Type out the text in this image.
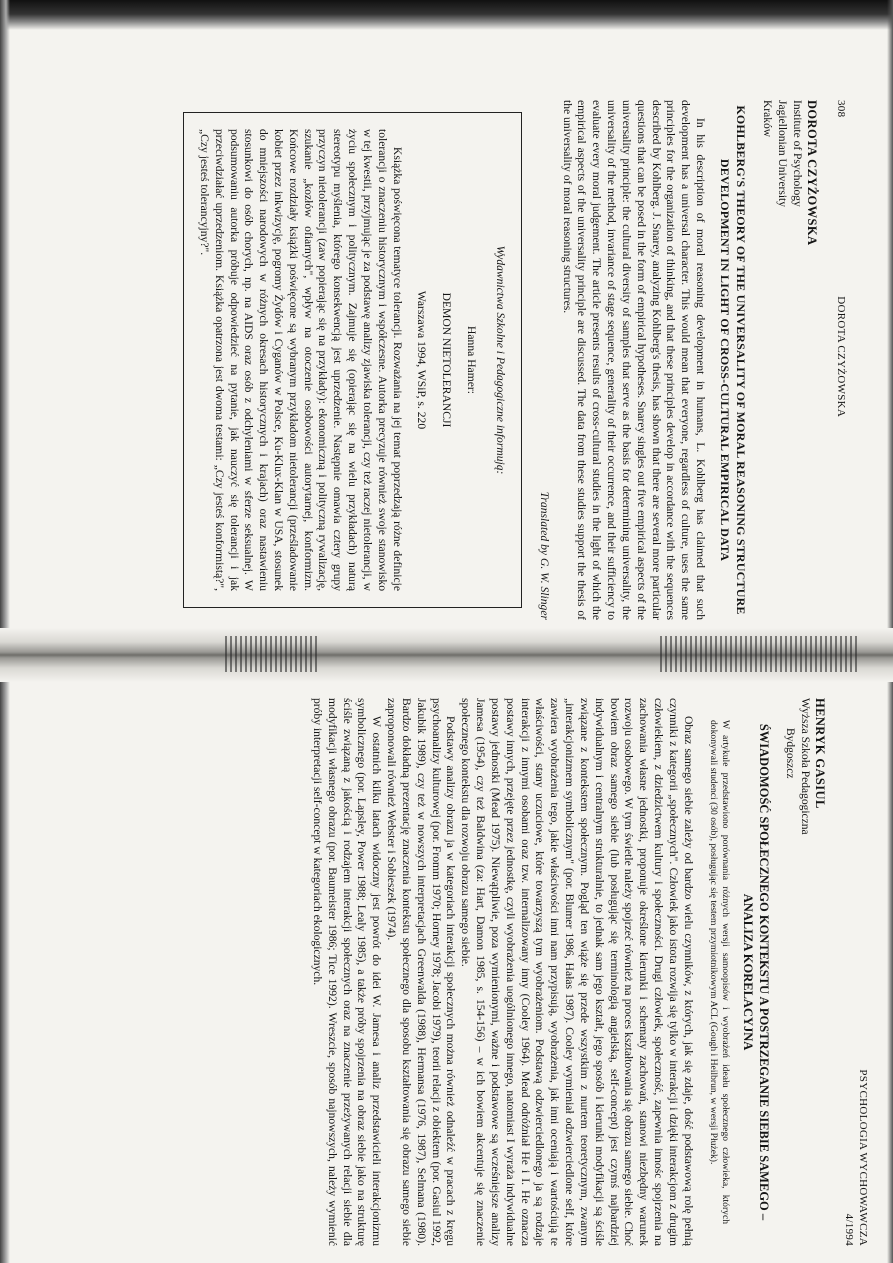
308
DOROTA CZYŻOWSKA

DOROTA CZYŻOWSKA

Institute of Psychology

Jagiellonian University

Kraków

KOHLBERG'S THEORY OF THE UNIVERSALITY OF MORAL REASONING STRUCTURE DEVELOPMENT IN LIGHT OF CROSS-CULTURAL EMPIRICAL DATA

In his description of moral reasoning development in humans, L. Kohlberg has claimed that such development has a universal character. This would mean that everyone, regardless of culture, uses the same principles for the organization of thinking, and that these principles develop in accordance with the sequences described by Kohlberg. J. Snarey, analyzing Kohlberg's thesis, has shown that there are several more particular questions that can be posed in the form of empirical hypotheses. Snarey singles out five empirical aspects of the universality principle: the cultural diversity of samples that serve as the basis for determining universality, the universality of the method, invariance of stage sequence, generality of their occurrence, and their sufficiency to evaluate every moral judgement. The article presents results of cross-cultural studies in the light of which the empirical aspects of the universality principle are discussed. The data from these studies support the thesis of the universality of moral reasoning structures.

Translated by G. W. Slinger

Wydawnictwa Szkolne i Pedagogiczne informują:

Hanna Hamer:

DEMON NIETOLERANCJI

Warszawa 1994, WSiP, s. 220

Książka poświęcona tematyce tolerancji. Rozważania na jej temat poprzedzają różne definicje tolerancji o znaczeniu historycznym i współczesne. Autorka precyzuje również swoje stanowisko w tej kwestii, przyjmując je za podstawę analizy zjawiska tolerancji, czy też raczej nietolerancji, w życiu społecznym i politycznym. Zajmuje się (opierając się na wielu przykładach) naturą stereotypu myślenia, którego konsekwencją jest uprzedzenie. Następnie omawia cztery grupy przyczyn nietolerancji (zaw popierając się na przykłady): ekonomiczną i polityczną rywalizację, szukanie „kozłów ofiarnych", wpływ na otoczenie osobowości autorytarnej, konformizm. Końcowe rozdziały książki poświęcone są wybranym przykładom nietolerancji (prześladowanie kobiet przez inkwizycję, pogromy Żydów i Cyganów w Polsce, Ku-Klux-Klan w USA, stosunek do mniejszości narodowych w różnych okresach historycznych i krajach) oraz nastawieniu stosunkowi do osób chorych, np. na AIDS oraz osób z odchyleniami w sferze seksualnej. W podsumowaniu autorka próbuje odpowiedzieć na pytanie, jak nauczyć się tolerancji i jak przeciwdziałać uprzedzeniom. Książka opatrzona jest dwoma testami: „Czy jesteś konformistą?", „Czy jesteś tolerancyjny?".

PSYCHOLOGIA WYCHOWAWCZA
4/1994

HENRYK GASIUL

Wyższa Szkoła Pedagogiczna

Bydgoszcz

ŚWIADOMOŚĆ SPOŁECZNEGO KONTEKSTU A POSTRZEGANIE SIEBIE SAMEGO – ANALIZA KORELACYJNA

W artykule przedstawiono porównania różnych wersji samoopisów i wyobrażeń ideału społecznego człowieka, których dokonywali studenci (30 osób), posługując się testem przymiotnikowym ACL (Gough i Heilbrun, w wersji Płużek).

Obraz samego siebie zależy od bardzo wielu czynników, z których, jak się zdaje, dość podstawową rolę pełnią czynniki z kategorii „społecznych". Człowiek jako istota rozwija się tylko w interakcji i dzięki interakcjom z drugim człowiekiem, z dziedzictwem kultury i społeczności. Drugi człowiek, społeczność, zapewnia innośc spojrzenia na zachowania własne jednostki, proponuje określone kierunki i schematy zachowań, stanowi niezbędny warunek rozwoju osobowego. W tym świetle należy spojrzeć również na proces kształtowania się obrazu samego siebie. Choć bowiem obraz samego siebie (lub posługując się terminologią angielską, self-concept) jest czymś najbardziej indywidualnym i centralnym strukturalnie, to jednak sam jego kształt, jego sposób i kierunki modyfikacji są ściśle związane z kontekstem społecznym. Pogląd ten wiąże się przede wszystkim z nurtem teoretycznym, zwanym „interakcjonizmem symbolicznym" (por. Blumer 1986, Hałas 1987). Cooley wymieniał odzwierciedlone self, które zawiera wyobrażenia tego, jakie właściwości inni nam przypisują, wyobrażenia, jak inni oceniają i wartościują te właściwości, stany uczuciowe, które towarzyszą tym wyobrażeniom. Podstawą odzwierciedlonego ja są rodzaje interakcji z innymi osobami oraz tzw. internalizowany inny (Cooley 1964). Mead odróżniał He i I. He oznacza postawy innych, przejęte przez jednostkę, czyli wyobrażenia uogólnionego innego, natomiast I wyraża indywidualne postawy jednostki (Mead 1975). Niewątpliwie, poza wymienionymi, ważne i podstawowe są wcześniejsze analizy Jamesa (1954), czy też Baldwina (za: Hart, Damon 1985, s. 154-156) – w ich bowiem akcentuje się znaczenie społecznego kontekstu dla rozwoju obrazu samego siebie.

Podstawy analizy obrazu ja w kategoriach interakcji społecznych można również odnaleźć w pracach z kręgu psychoanalizy kulturowej (por. Fromm 1970; Horney 1978; Jacobi 1979), teorii relacji z obiektem (por. Gasiul 1992, Jakubik 1989), czy też w nowszych interpretacjach Greenwalda (1988), Hermansa (1976, 1987), Selmana (1980). Bardzo dokładną prezentację znaczenia kontekstu społecznego dla sposobu kształtowania się obrazu samego siebie zaproponowali również Webster i Sobieszek (1974).

W ostatnich kilku latach widoczny jest powrót do idei W. Jamesa i analiz przedstawicieli interakcjonizmu symbolicznego (por. Lapsley, Power 1988; Lealy 1985), a także próby spojrzenia na obraz siebie jako na strukturę ściśle związaną z jakością i rodzajem interakcji społecznych oraz na znaczenie przeżywanych relacji siebie dla modyfikacji własnego obrazu (por. Baumeister 1986; Tice 1992). Wreszcie, sposób najnowszych, należy wymienić próby interpretacji self-concept w kategoriach ekologicznych.
